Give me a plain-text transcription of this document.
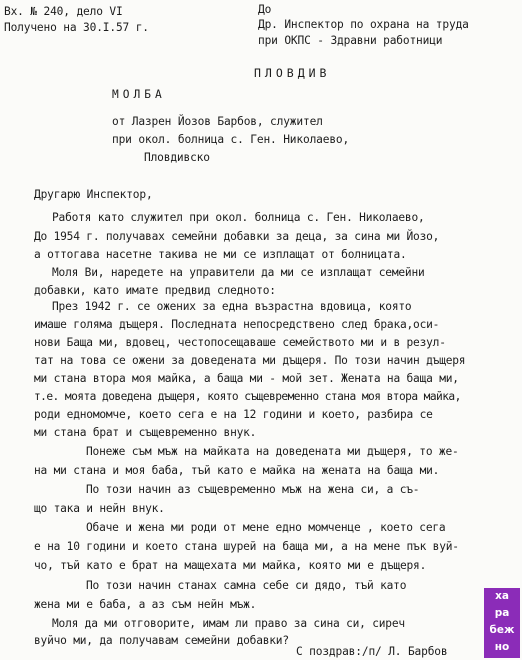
Вх. № 240, дело VI
Получено на 30.I.57 г.
До
Др. Инспектор по охрана на труда
при ОКПС - Здравни работници
ПЛОВДИВ
МОЛБА
от Лазрен Йозов Барбов, служител
при окол. болница с. Ген. Николаево,
Пловдивско
Другарю Инспектор,
Работя като служител при окол. болница с. Ген. Николаево,
До 1954 г. получавах семейни добавки за деца, за сина ми Йозо,
а оттогава насетне такива не ми се изплащат от болницата.
Моля Ви, наредете на управители да ми се изплащат семейни
добавки, като имате предвид следното:
През 1942 г. се ожених за една възрастна вдовица, която
имаше голяма дъщеря. Последната непосредствено след брака,оси-
нови Баща ми, вдовец, честопосещаваше семейството ми и в резул-
тат на това се ожени за доведената ми дъщеря. По този начин дъщеря
ми стана втора моя майка, а баща ми - мой зет. Жената на баща ми,
т.е. моята доведена дъщеря, която същевременно стана моя втора майка,
роди едномомче, което сега е на 12 години и което, разбира се
ми стана брат и същевременно внук.
Понеже съм мъж на майката на доведената ми дъщеря, то же-
на ми стана и моя баба, тъй като е майка на жената на баща ми.
По този начин аз същевременно мъж на жена си, а съ-
що така и нейн внук.
Обаче и жена ми роди от мене едно момченце , което сега
е на 10 години и което стана шурей на баща ми, а на мене пък вуй-
чо, тъй като е брат на мащехата ми майка, която ми е дъщеря.
По този начин станах самна себе си дядо, тъй като
жена ми е баба, а аз съм нейн мъж.
Моля да ми отговорите, имам ли право за сина си, сиреч
вуйчо ми, да получавам семейни добавки?
С поздрав:/п/ Л. Барбов
ха
ра
беж
но
